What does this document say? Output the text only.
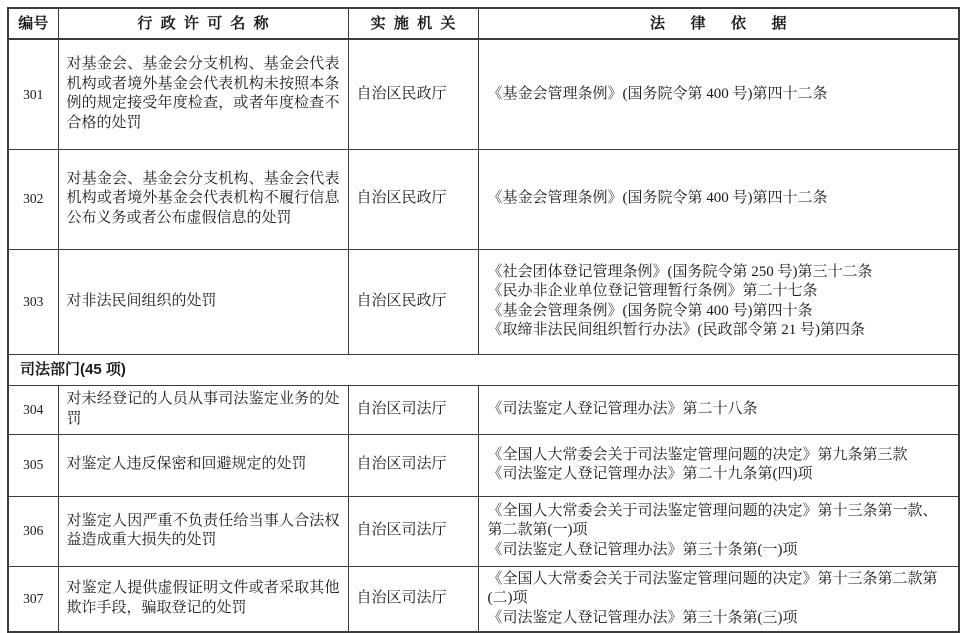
编号	行政许可名称	实施机关	法律依据
301	对基金会、基金会分支机构、基金会代表机构或者境外基金会代表机构未按照本条例的规定接受年度检查，或者年度检查不合格的处罚	自治区民政厅	《基金会管理条例》(国务院令第 400 号)第四十二条

302	对基金会、基金会分支机构、基金会代表机构或者境外基金会代表机构不履行信息公布义务或者公布虚假信息的处罚	自治区民政厅	《基金会管理条例》(国务院令第 400 号)第四十二条

303	对非法民间组织的处罚	自治区民政厅	《社会团体登记管理条例》(国务院令第 250 号)第三十二条
《民办非企业单位登记管理暂行条例》第二十七条
《基金会管理条例》(国务院令第 400 号)第四十条
《取缔非法民间组织暂行办法》(民政部令第 21 号)第四条

司法部门(45 项)			
304	对未经登记的人员从事司法鉴定业务的处罚	自治区司法厅	《司法鉴定人登记管理办法》第二十八条

305	对鉴定人违反保密和回避规定的处罚	自治区司法厅	《全国人大常委会关于司法鉴定管理问题的决定》第九条第三款
《司法鉴定人登记管理办法》第二十九条第(四)项

306	对鉴定人因严重不负责任给当事人合法权益造成重大损失的处罚	自治区司法厅	《全国人大常委会关于司法鉴定管理问题的决定》第十三条第一款、第二款第(一)项
《司法鉴定人登记管理办法》第三十条第(一)项

307	对鉴定人提供虚假证明文件或者采取其他欺诈手段，骗取登记的处罚	自治区司法厅	《全国人大常委会关于司法鉴定管理问题的决定》第十三条第二款第(二)项
《司法鉴定人登记管理办法》第三十条第(三)项
